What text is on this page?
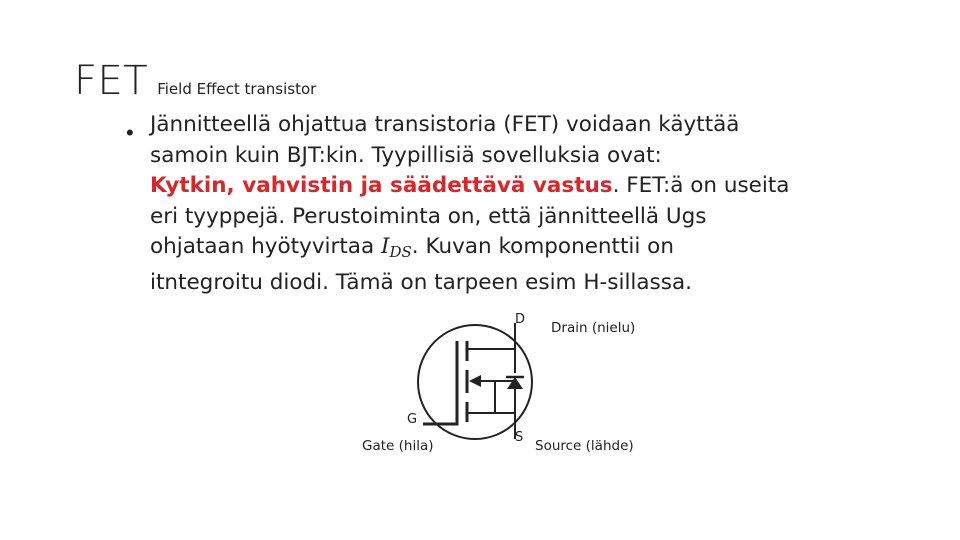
FET Field Effect transistor
• Jännitteellä ohjattua transistoria (FET) voidaan käyttää
samoin kuin BJT:kin. Tyypillisiä sovelluksia ovat:
Kytkin, vahvistin ja säädettävä vastus. FET:ä on useita
eri tyyppejä. Perustoiminta on, että jännitteellä Ugs
ohjataan hyötyvirtaa $I_{DS}$. Kuvan komponenttii on
itntegroitu diodi. Tämä on tarpeen esim H-sillassa.
D
G
S
Drain (nielu)
Gate (hila)	Source (lähde)
